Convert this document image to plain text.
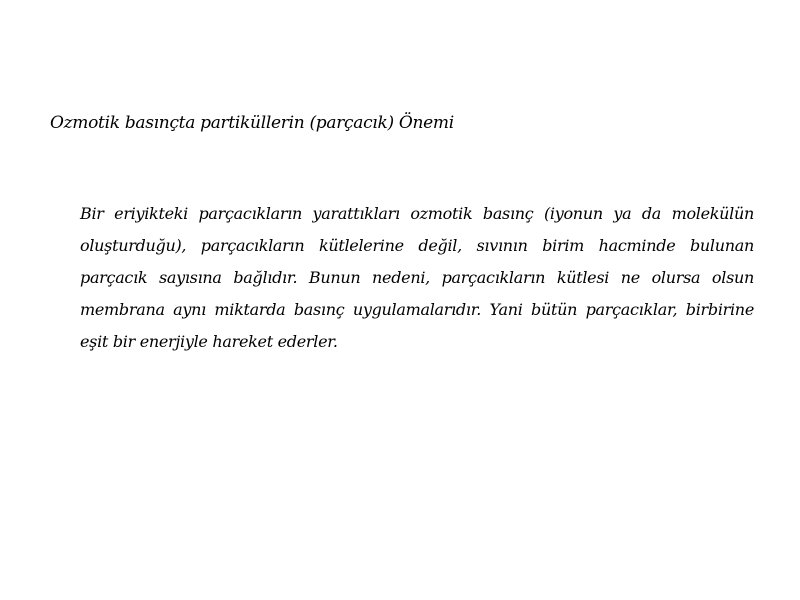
Ozmotik basınçta partiküllerin (parçacık) Önemi

Bir eriyikteki parçacıkların yarattıkları ozmotik basınç (iyonun ya da molekülün oluşturduğu), parçacıkların kütlelerine değil, sıvının birim hacminde bulunan parçacık sayısına bağlıdır. Bunun nedeni, parçacıkların kütlesi ne olursa olsun membrana aynı miktarda basınç uygulamalarıdır. Yani bütün parçacıklar, birbirine eşit bir enerjiyle hareket ederler.
